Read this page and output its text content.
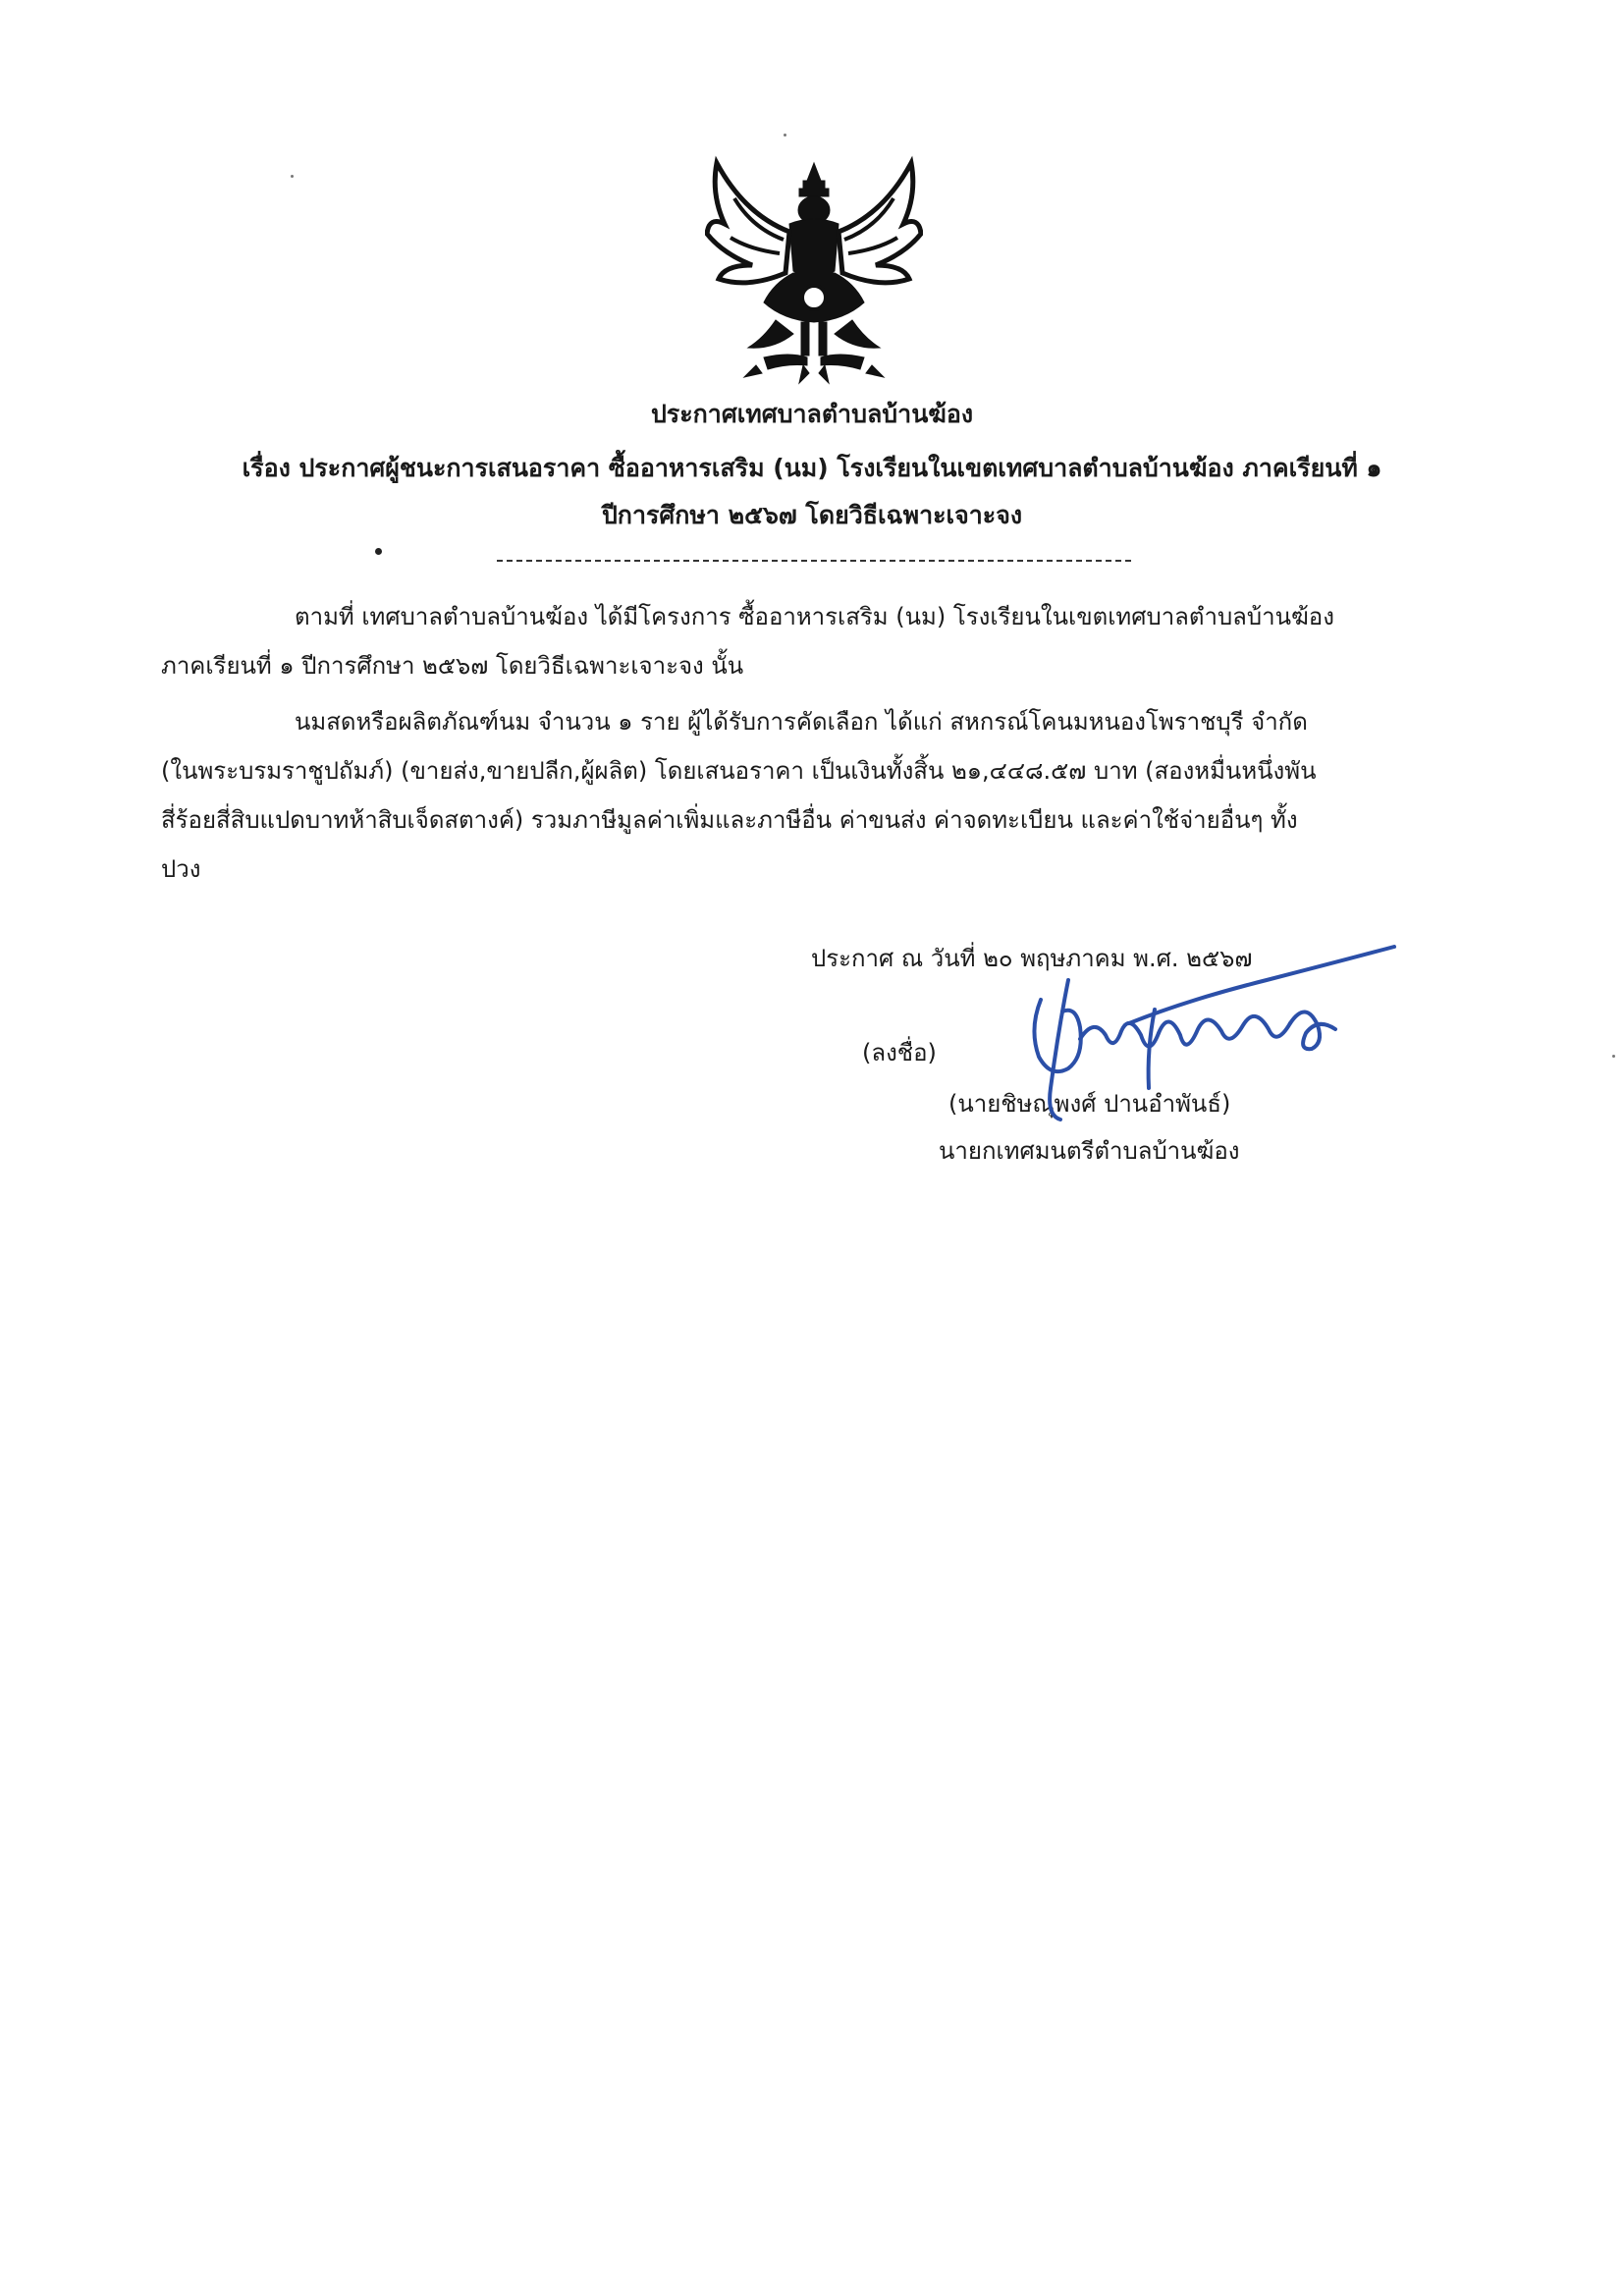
ประกาศเทศบาลตำบลบ้านฆ้อง
เรื่อง ประกาศผู้ชนะการเสนอราคา ซื้ออาหารเสริม (นม) โรงเรียนในเขตเทศบาลตำบลบ้านฆ้อง ภาคเรียนที่ ๑
ปีการศึกษา ๒๕๖๗ โดยวิธีเฉพาะเจาะจง
ตามที่ เทศบาลตำบลบ้านฆ้อง ได้มีโครงการ ซื้ออาหารเสริม (นม) โรงเรียนในเขตเทศบาลตำบลบ้านฆ้อง
ภาคเรียนที่ ๑ ปีการศึกษา ๒๕๖๗ โดยวิธีเฉพาะเจาะจง นั้น
นมสดหรือผลิตภัณฑ์นม จำนวน ๑ ราย ผู้ได้รับการคัดเลือก ได้แก่ สหกรณ์โคนมหนองโพราชบุรี จำกัด
(ในพระบรมราชูปถัมภ์) (ขายส่ง,ขายปลีก,ผู้ผลิต) โดยเสนอราคา เป็นเงินทั้งสิ้น ๒๑,๔๔๘.๕๗ บาท (สองหมื่นหนึ่งพัน
สี่ร้อยสี่สิบแปดบาทห้าสิบเจ็ดสตางค์) รวมภาษีมูลค่าเพิ่มและภาษีอื่น ค่าขนส่ง ค่าจดทะเบียน และค่าใช้จ่ายอื่นๆ ทั้ง
ปวง
ประกาศ ณ วันที่ ๒๐ พฤษภาคม พ.ศ. ๒๕๖๗
(ลงชื่อ)
(นายชิษณุพงศ์ ปานอำพันธ์)
นายกเทศมนตรีตำบลบ้านฆ้อง
